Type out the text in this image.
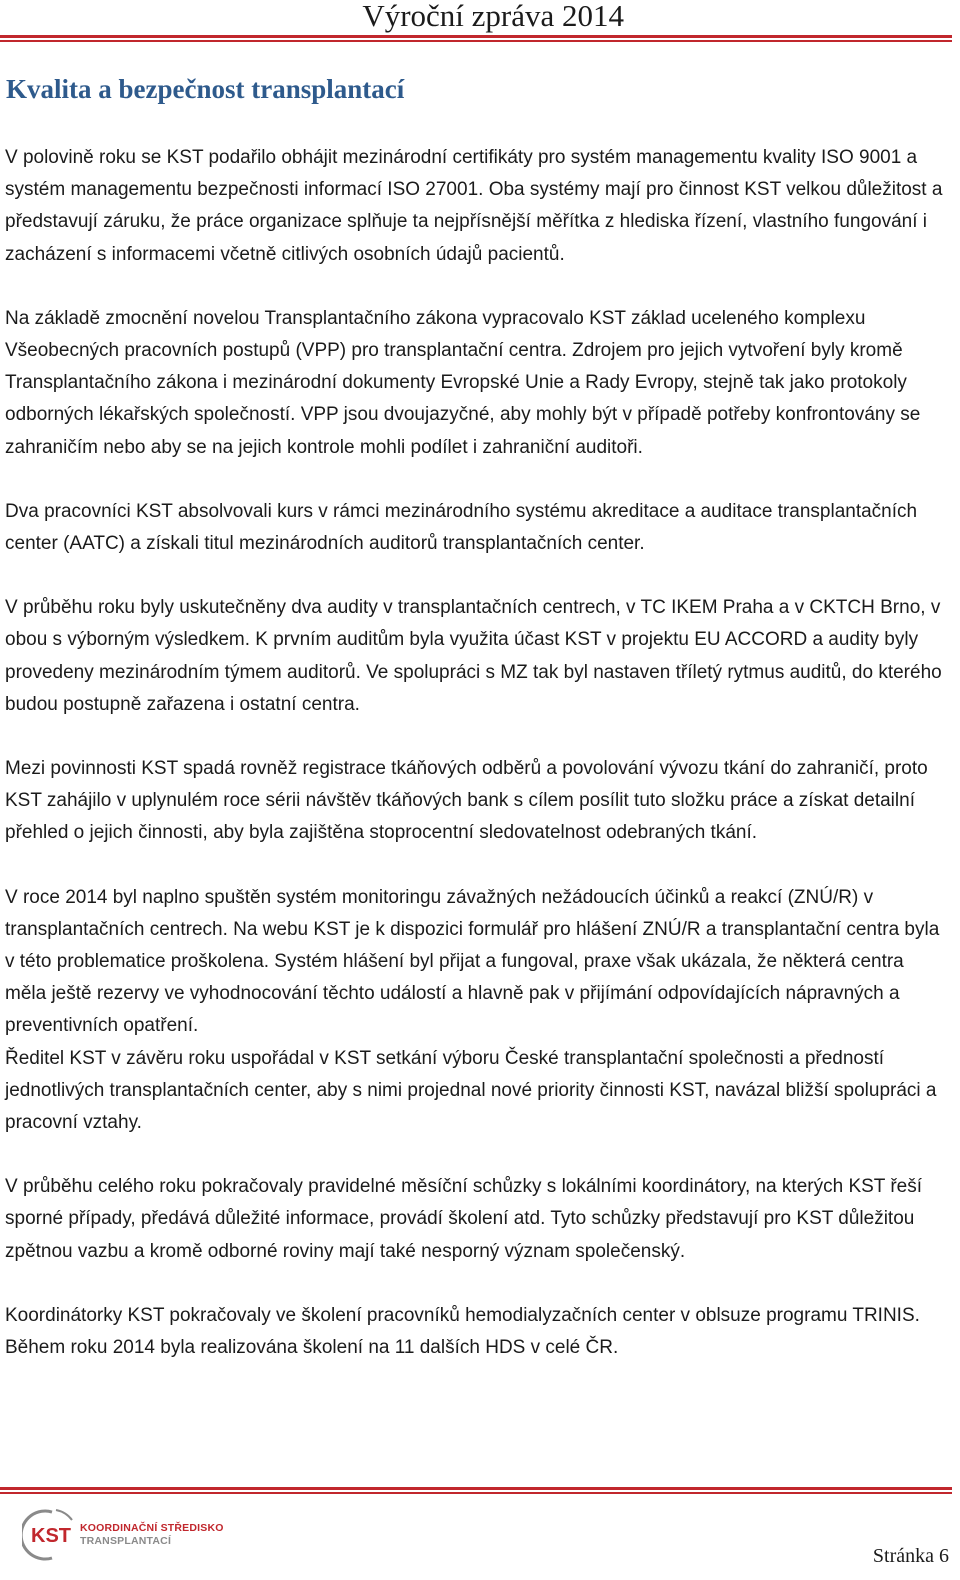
Výroční zpráva 2014
Kvalita a bezpečnost transplantací

V polovině roku se KST podařilo obhájit mezinárodní certifikáty pro systém managementu kvality ISO 9001 a systém managementu bezpečnosti informací ISO 27001. Oba systémy mají pro činnost KST velkou důležitost a představují záruku, že práce organizace splňuje ta nejpřísnější měřítka z hlediska řízení, vlastního fungování i zacházení s informacemi včetně citlivých osobních údajů pacientů.

Na základě zmocnění novelou Transplantačního zákona vypracovalo KST základ uceleného komplexu Všeobecných pracovních postupů (VPP) pro transplantační centra. Zdrojem pro jejich vytvoření byly kromě Transplantačního zákona i mezinárodní dokumenty Evropské Unie a Rady Evropy, stejně tak jako protokoly odborných lékařských společností. VPP jsou dvoujazyčné, aby mohly být v případě potřeby konfrontovány se zahraničím nebo aby se na jejich kontrole mohli podílet i zahraniční auditoři.

Dva pracovníci KST absolvovali kurs v rámci mezinárodního systému akreditace a auditace transplantačních center (AATC) a získali titul mezinárodních auditorů transplantačních center.

V průběhu roku byly uskutečněny dva audity v transplantačních centrech, v TC IKEM Praha a v CKTCH Brno, v obou s výborným výsledkem. K prvním auditům byla využita účast KST v projektu EU ACCORD a audity byly provedeny mezinárodním týmem auditorů. Ve spolupráci s MZ tak byl nastaven tříletý rytmus auditů, do kterého budou postupně zařazena i ostatní centra.

Mezi povinnosti KST spadá rovněž registrace tkáňových odběrů a povolování vývozu tkání do zahraničí, proto KST zahájilo v uplynulém roce sérii návštěv tkáňových bank s cílem posílit tuto složku práce a získat detailní přehled o jejich činnosti, aby byla zajištěna stoprocentní sledovatelnost odebraných tkání.

V roce 2014 byl naplno spuštěn systém monitoringu závažných nežádoucích účinků a reakcí (ZNÚ/R) v transplantačních centrech. Na webu KST je k dispozici formulář pro hlášení ZNÚ/R a transplantační centra byla v této problematice proškolena. Systém hlášení byl přijat a fungoval, praxe však ukázala, že některá centra měla ještě rezervy ve vyhodnocování těchto událostí a hlavně pak v přijímání odpovídajících nápravných a preventivních opatření.

Ředitel KST v závěru roku uspořádal v KST setkání výboru České transplantační společnosti a předností jednotlivých transplantačních center, aby s nimi projednal nové priority činnosti KST, navázal bližší spolupráci a pracovní vztahy.

V průběhu celého roku pokračovaly pravidelné měsíční schůzky s lokálními koordinátory, na kterých KST řeší sporné případy, předává důležité informace, provádí školení atd. Tyto schůzky představují pro KST důležitou zpětnou vazbu a kromě odborné roviny mají také nesporný význam společenský.

Koordinátorky KST pokračovaly ve školení pracovníků hemodialyzačních center v oblsuze programu TRINIS. Během roku 2014 byla realizována školení na 11 dalších HDS v celé ČR.

KST KOORDINAČNÍ STŘEDISKO
TRANSPLANTACÍ
Stránka 6
